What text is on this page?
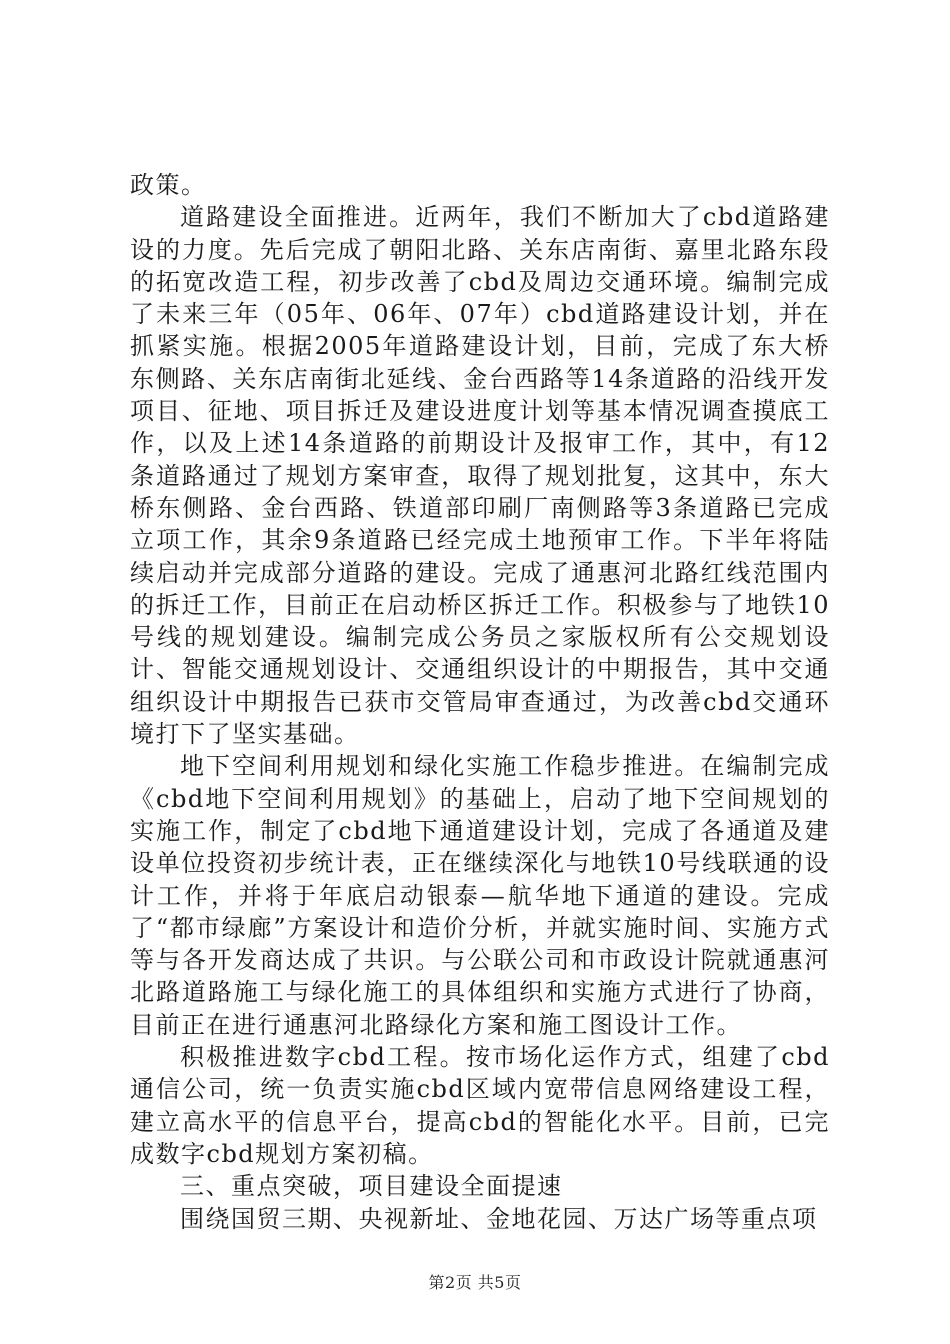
政策。

道路建设全面推进。近两年，我们不断加大了cbd道路建设的力度。先后完成了朝阳北路、关东店南街、嘉里北路东段的拓宽改造工程，初步改善了cbd及周边交通环境。编制完成了未来三年（05年、06年、07年）cbd道路建设计划，并在抓紧实施。根据2005年道路建设计划，目前，完成了东大桥东侧路、关东店南街北延线、金台西路等14条道路的沿线开发项目、征地、项目拆迁及建设进度计划等基本情况调查摸底工作，以及上述14条道路的前期设计及报审工作，其中，有12条道路通过了规划方案审查，取得了规划批复，这其中，东大桥东侧路、金台西路、铁道部印刷厂南侧路等3条道路已完成立项工作，其余9条道路已经完成土地预审工作。下半年将陆续启动并完成部分道路的建设。完成了通惠河北路红线范围内的拆迁工作，目前正在启动桥区拆迁工作。积极参与了地铁10号线的规划建设。编制完成公务员之家版权所有公交规划设计、智能交通规划设计、交通组织设计的中期报告，其中交通组织设计中期报告已获市交管局审查通过，为改善cbd交通环境打下了坚实基础。

地下空间利用规划和绿化实施工作稳步推进。在编制完成《cbd地下空间利用规划》的基础上，启动了地下空间规划的实施工作，制定了cbd地下通道建设计划，完成了各通道及建设单位投资初步统计表，正在继续深化与地铁10号线联通的设计工作，并将于年底启动银泰—航华地下通道的建设。完成了“都市绿廊”方案设计和造价分析，并就实施时间、实施方式等与各开发商达成了共识。与公联公司和市政设计院就通惠河北路道路施工与绿化施工的具体组织和实施方式进行了协商，目前正在进行通惠河北路绿化方案和施工图设计工作。

积极推进数字cbd工程。按市场化运作方式，组建了cbd通信公司，统一负责实施cbd区域内宽带信息网络建设工程，建立高水平的信息平台，提高cbd的智能化水平。目前，已完成数字cbd规划方案初稿。

三、重点突破，项目建设全面提速

围绕国贸三期、央视新址、金地花园、万达广场等重点项

第2页 共5页
